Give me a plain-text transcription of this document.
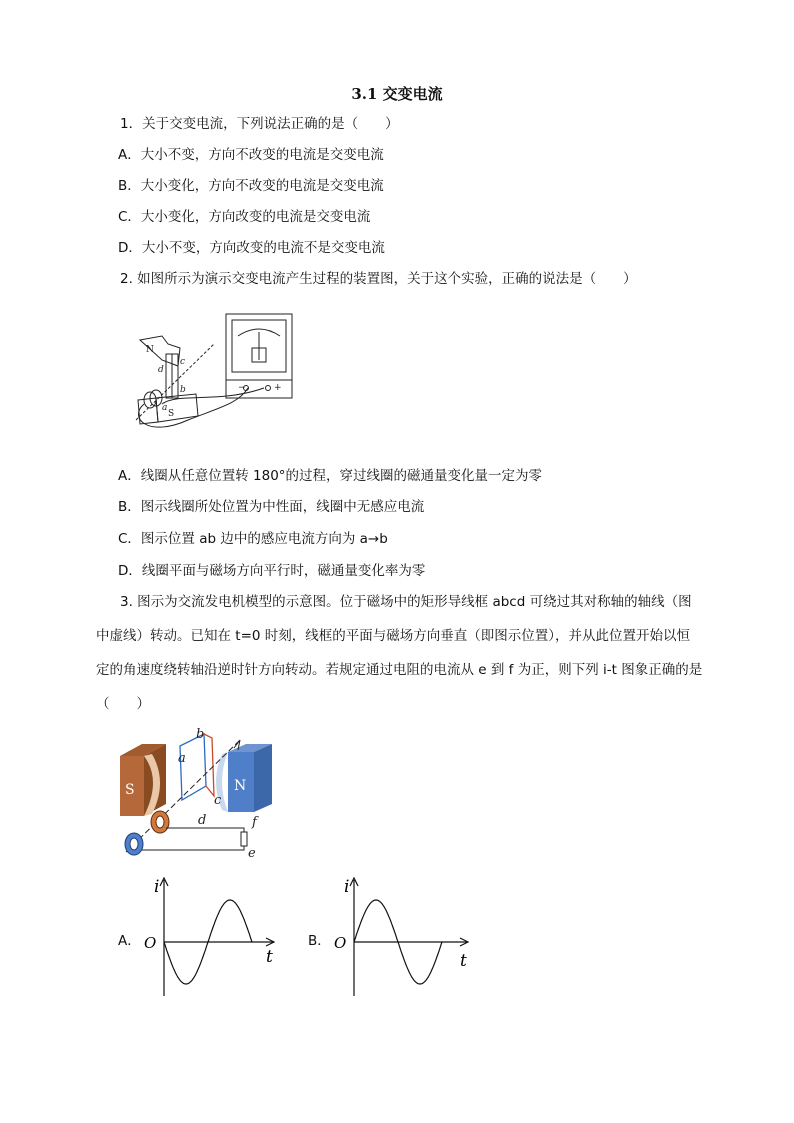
3.1 交变电流
1．关于交变电流，下列说法正确的是（　　）
A．大小不变，方向不改变的电流是交变电流
B．大小变化，方向不改变的电流是交变电流
C．大小变化，方向改变的电流是交变电流
D．大小不变，方向改变的电流不是交变电流
2. 如图所示为演示交变电流产生过程的装置图，关于这个实验，正确的说法是（　　）
N
S
d
c
b
a
−	+
A．线圈从任意位置转 180°的过程，穿过线圈的磁通量变化量一定为零
B．图示线圈所处位置为中性面，线圈中无感应电流
C．图示位置 ab 边中的感应电流方向为 a→b
D．线圈平面与磁场方向平行时，磁通量变化率为零
3. 图示为交流发电机模型的示意图。位于磁场中的矩形导线框 abcd 可绕过其对称轴的轴线（图
中虚线）转动。已知在 t=0 时刻，线框的平面与磁场方向垂直（即图示位置），并从此位置开始以恒
定的角速度绕转轴沿逆时针方向转动。若规定通过电阻的电流从 e 到 f 为正，则下列 i-t 图象正确的是
（　　）
S	N
a
b
c
d	f
e
A．
i
O
t
B．
i
O
t
